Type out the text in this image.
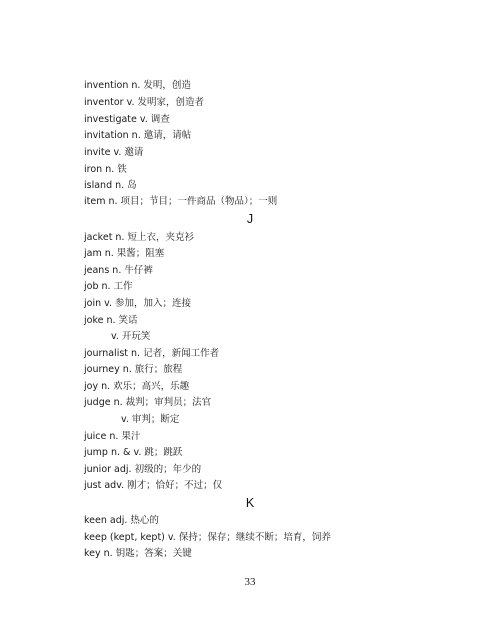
invention n. 发明，创造
inventor v. 发明家，创造者
investigate v. 调查
invitation n. 邀请，请帖
invite v. 邀请
iron n. 铁
island n. 岛
item n. 项目；节目；一件商品（物品）；一则
J
jacket n. 短上衣，夹克衫
jam n. 果酱；阻塞
jeans n. 牛仔裤
job n. 工作
join v. 参加，加入；连接
joke n. 笑话
v. 开玩笑
journalist n. 记者，新闻工作者
journey n. 旅行；旅程
joy n. 欢乐；高兴，乐趣
judge n. 裁判；审判员；法官
v. 审判；断定
juice n. 果汁
jump n. & v. 跳；跳跃
junior adj. 初级的；年少的
just adv. 刚才；恰好；不过；仅
K
keen adj. 热心的
keep (kept, kept) v. 保持；保存；继续不断；培育，饲养
key n. 钥匙；答案；关键
33
